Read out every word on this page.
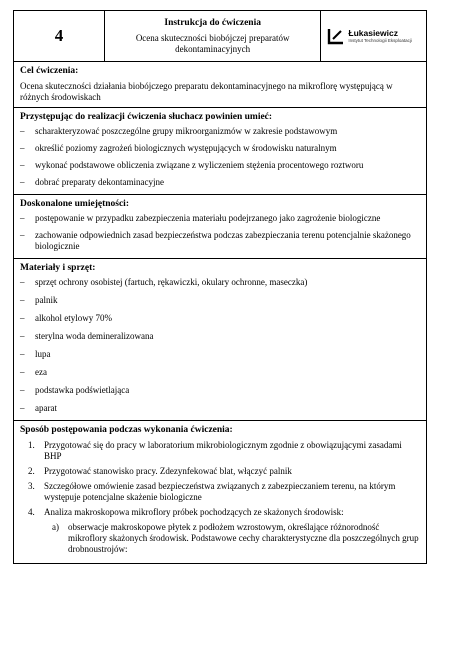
4	
Instrukcja do ćwiczenia
Ocena skuteczności biobójczej preparatów dekontaminacyjnych

Łukasiewicz
Instytut Technologii Eksploatacji
Cel ćwiczenia:
Ocena skuteczności działania biobójczego preparatu dekontaminacyjnego na mikroflorę występującą w różnych środowiskach
Przystępując do realizacji ćwiczenia słuchacz powinien umieć:
– scharakteryzować poszczególne grupy mikroorganizmów w zakresie podstawowym
– określić poziomy zagrożeń biologicznych występujących w środowisku naturalnym
– wykonać podstawowe obliczenia związane z wyliczeniem stężenia procentowego roztworu
– dobrać preparaty dekontaminacyjne
Doskonalone umiejętności:
– postępowanie w przypadku zabezpieczenia materiału podejrzanego jako zagrożenie biologiczne
– zachowanie odpowiednich zasad bezpieczeństwa podczas zabezpieczania terenu potencjalnie skażonego biologicznie
Materiały i sprzęt:
– sprzęt ochrony osobistej (fartuch, rękawiczki, okulary ochronne, maseczka)
– palnik
– alkohol etylowy 70%
– sterylna woda demineralizowana
– lupa
– eza
– podstawka podświetlająca
– aparat
Sposób postępowania podczas wykonania ćwiczenia:
1. Przygotować się do pracy w laboratorium mikrobiologicznym zgodnie z obowiązującymi zasadami BHP
2. Przygotować stanowisko pracy. Zdezynfekować blat, włączyć palnik
3. Szczegółowe omówienie zasad bezpieczeństwa związanych z zabezpieczaniem terenu, na którym występuje potencjalne skażenie biologiczne
4. Analiza makroskopowa mikroflory próbek pochodzących ze skażonych środowisk:
a) obserwacje makroskopowe płytek z podłożem wzrostowym, określające różnorodność mikroflory skażonych środowisk. Podstawowe cechy charakterystyczne dla poszczególnych grup drobnoustrojów:
